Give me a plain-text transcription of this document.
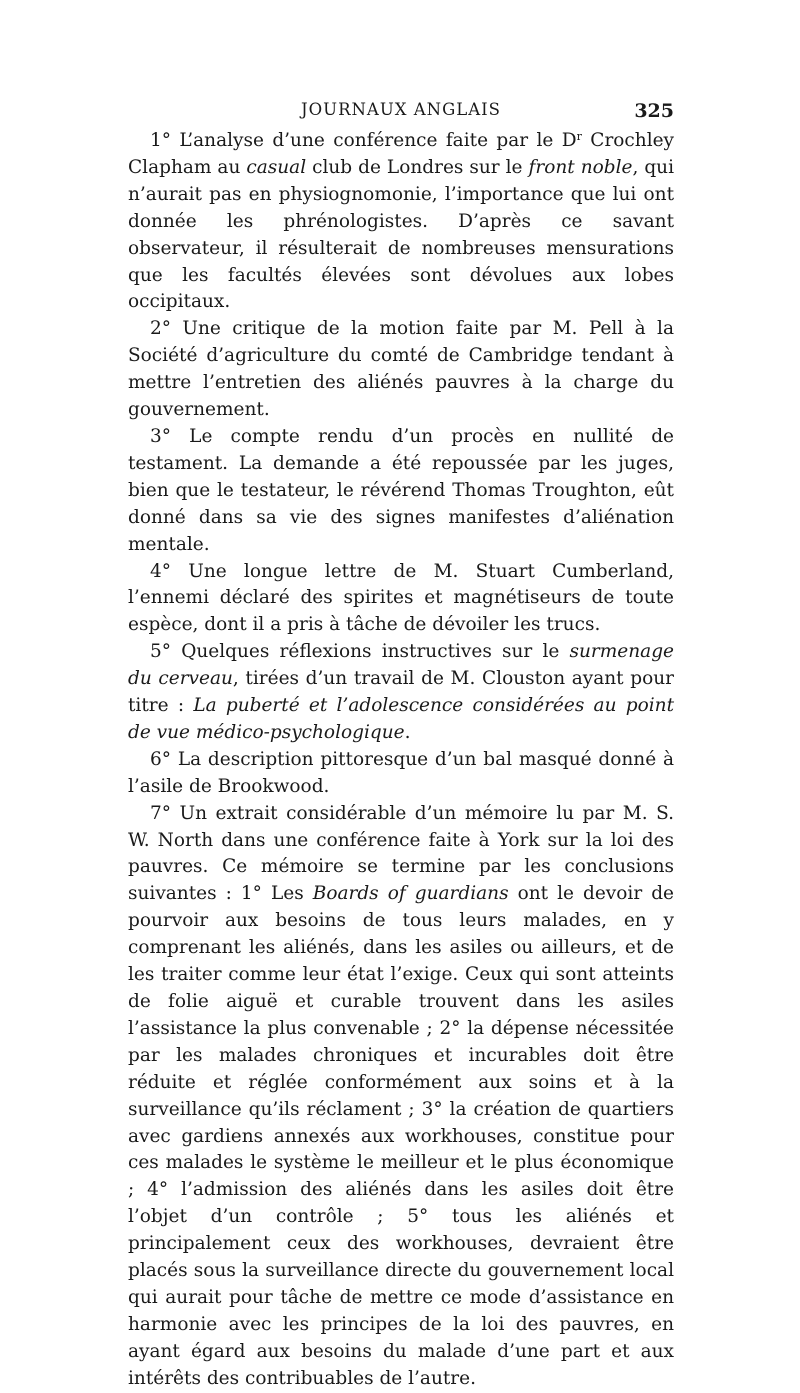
JOURNAUX ANGLAIS	325

1° L’analyse d’une conférence faite par le $D^r$ Crochley Clapham au casual club de Londres sur le front noble, qui n’aurait pas en physiognomonie, l’importance que lui ont donnée les phrénologistes. D’après ce savant observateur, il résulterait de nombreuses mensurations que les facultés élevées sont dévolues aux lobes occipitaux.

2° Une critique de la motion faite par M. Pell à la Société d’agriculture du comté de Cambridge tendant à mettre l’entretien des aliénés pauvres à la charge du gouvernement.

3° Le compte rendu d’un procès en nullité de testament. La demande a été repoussée par les juges, bien que le testateur, le révérend Thomas Troughton, eût donné dans sa vie des signes manifestes d’aliénation mentale.

4° Une longue lettre de M. Stuart Cumberland, l’ennemi déclaré des spirites et magnétiseurs de toute espèce, dont il a pris à tâche de dévoiler les trucs.

5° Quelques réflexions instructives sur le surmenage du cerveau, tirées d’un travail de M. Clouston ayant pour titre : La puberté et l’adolescence considérées au point de vue médico-psychologique.

6° La description pittoresque d’un bal masqué donné à l’asile de Brookwood.

7° Un extrait considérable d’un mémoire lu par M. S. W. North dans une conférence faite à York sur la loi des pauvres. Ce mémoire se termine par les conclusions suivantes : 1° Les Boards of guardians ont le devoir de pourvoir aux besoins de tous leurs malades, en y comprenant les aliénés, dans les asiles ou ailleurs, et de les traiter comme leur état l’exige. Ceux qui sont atteints de folie aiguë et curable trouvent dans les asiles l’assistance la plus convenable ; 2° la dépense nécessitée par les malades chroniques et incurables doit être réduite et réglée conformément aux soins et à la surveillance qu’ils réclament ; 3° la création de quartiers avec gardiens annexés aux workhouses, constitue pour ces malades le système le meilleur et le plus économique ; 4° l’admission des aliénés dans les asiles doit être l’objet d’un contrôle ; 5° tous les aliénés et principalement ceux des workhouses, devraient être placés sous la surveillance directe du gouvernement local qui aurait pour tâche de mettre ce mode d’assistance en harmonie avec les principes de la loi des pauvres, en ayant égard aux besoins du malade d’une part et aux intérêts des contribuables de l’autre.
